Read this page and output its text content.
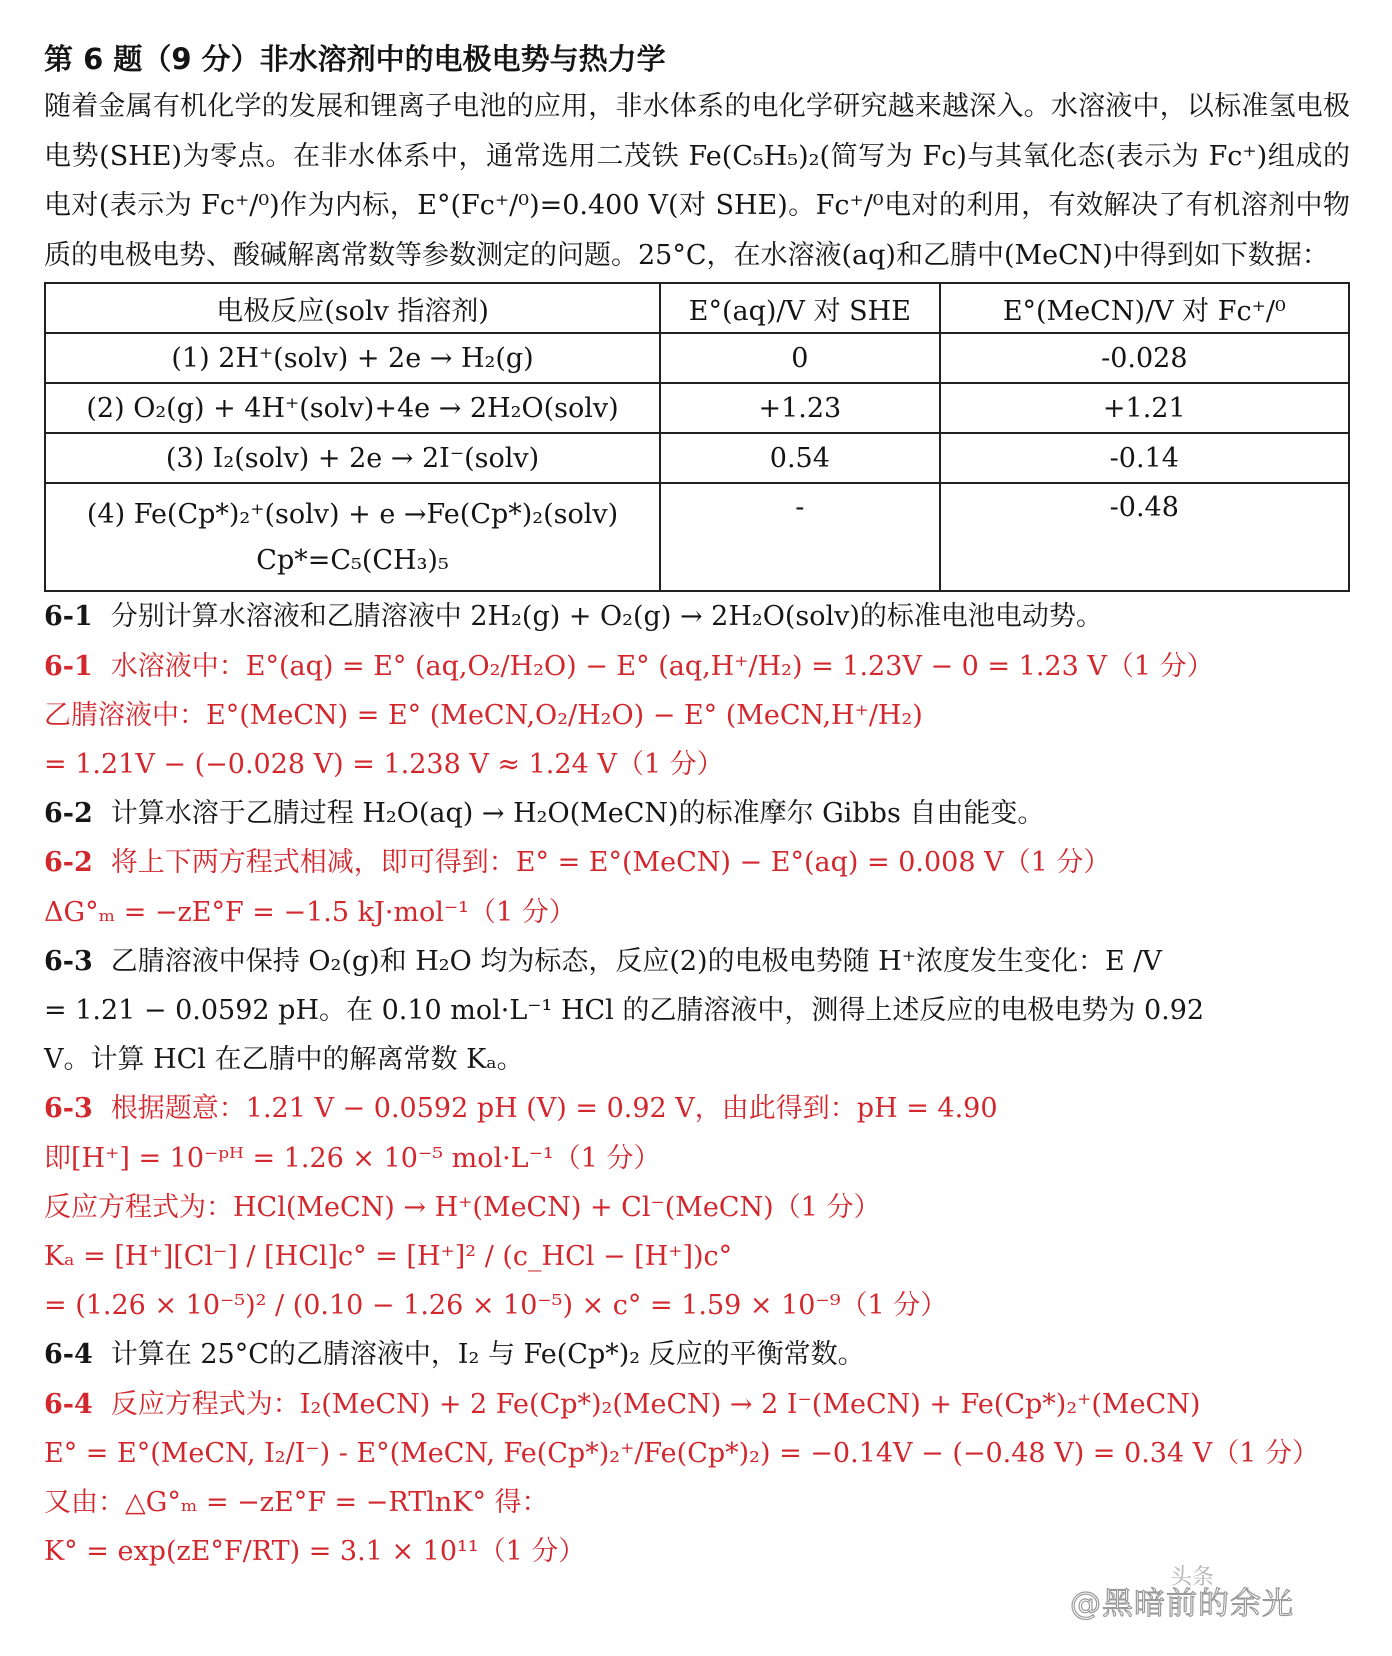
第 6 题（9 分）非水溶剂中的电极电势与热力学

随着金属有机化学的发展和锂离子电池的应用，非水体系的电化学研究越来越深入。水溶液中，以标准氢电极电势(SHE)为零点。在非水体系中，通常选用二茂铁 Fe(C₅H₅)₂(简写为 Fc)与其氧化态(表示为 Fc⁺)组成的电对(表示为 Fc⁺/⁰)作为内标，E°(Fc⁺/⁰)=0.400 V(对 SHE)。Fc⁺/⁰电对的利用，有效解决了有机溶剂中物质的电极电势、酸碱解离常数等参数测定的问题。25°C，在水溶液(aq)和乙腈中(MeCN)中得到如下数据：

电极反应(solv 指溶剂)	E°(aq)/V 对 SHE	E°(MeCN)/V 对 Fc⁺/⁰
(1) 2H⁺(solv) + 2e → H₂(g)	0	-0.028
(2) O₂(g) + 4H⁺(solv)+4e → 2H₂O(solv)	+1.23	+1.21
(3) I₂(solv) + 2e → 2I⁻(solv)	0.54	-0.14

(4) Fe(Cp*)₂⁺(solv) + e →Fe(Cp*)₂(solv)
Cp*=C₅(CH₃)₅	-	-0.48

6-1 分别计算水溶液和乙腈溶液中 2H₂(g) + O₂(g) → 2H₂O(solv)的标准电池电动势。

6-1 水溶液中：E°(aq) = E° (aq,O₂/H₂O) − E° (aq,H⁺/H₂) = 1.23V − 0 = 1.23 V（1 分）

乙腈溶液中：E°(MeCN) = E° (MeCN,O₂/H₂O) − E° (MeCN,H⁺/H₂)

= 1.21V − (−0.028 V) = 1.238 V ≈ 1.24 V（1 分）

6-2 计算水溶于乙腈过程 H₂O(aq) → H₂O(MeCN)的标准摩尔 Gibbs 自由能变。

6-2 将上下两方程式相减，即可得到：E° = E°(MeCN) − E°(aq) = 0.008 V（1 分）

ΔG°ₘ = −zE°F = −1.5 kJ·mol⁻¹（1 分）

6-3 乙腈溶液中保持 O₂(g)和 H₂O 均为标态，反应(2)的电极电势随 H⁺浓度发生变化：E /V

= 1.21 − 0.0592 pH。在 0.10 mol·L⁻¹ HCl 的乙腈溶液中，测得上述反应的电极电势为 0.92

V。计算 HCl 在乙腈中的解离常数 Kₐ。

6-3 根据题意：1.21 V − 0.0592 pH (V) = 0.92 V，由此得到：pH = 4.90

即[H⁺] = 10⁻ᵖᴴ = 1.26 × 10⁻⁵ mol·L⁻¹（1 分）

反应方程式为：HCl(MeCN) → H⁺(MeCN) + Cl⁻(MeCN)（1 分）

Kₐ = [H⁺][Cl⁻] / [HCl]c° = [H⁺]² / (c_HCl − [H⁺])c°

= (1.26 × 10⁻⁵)² / (0.10 − 1.26 × 10⁻⁵) × c° = 1.59 × 10⁻⁹（1 分）

6-4 计算在 25°C的乙腈溶液中，I₂ 与 Fe(Cp*)₂ 反应的平衡常数。

6-4 反应方程式为：I₂(MeCN) + 2 Fe(Cp*)₂(MeCN) → 2 I⁻(MeCN) + Fe(Cp*)₂⁺(MeCN)

E° = E°(MeCN, I₂/I⁻) - E°(MeCN, Fe(Cp*)₂⁺/Fe(Cp*)₂) = −0.14V − (−0.48 V) = 0.34 V（1 分）

又由：△G°ₘ = −zE°F = −RTlnK° 得：

K° = exp(zE°F/RT) = 3.1 × 10¹¹（1 分）

头条
@黑暗前的余光
